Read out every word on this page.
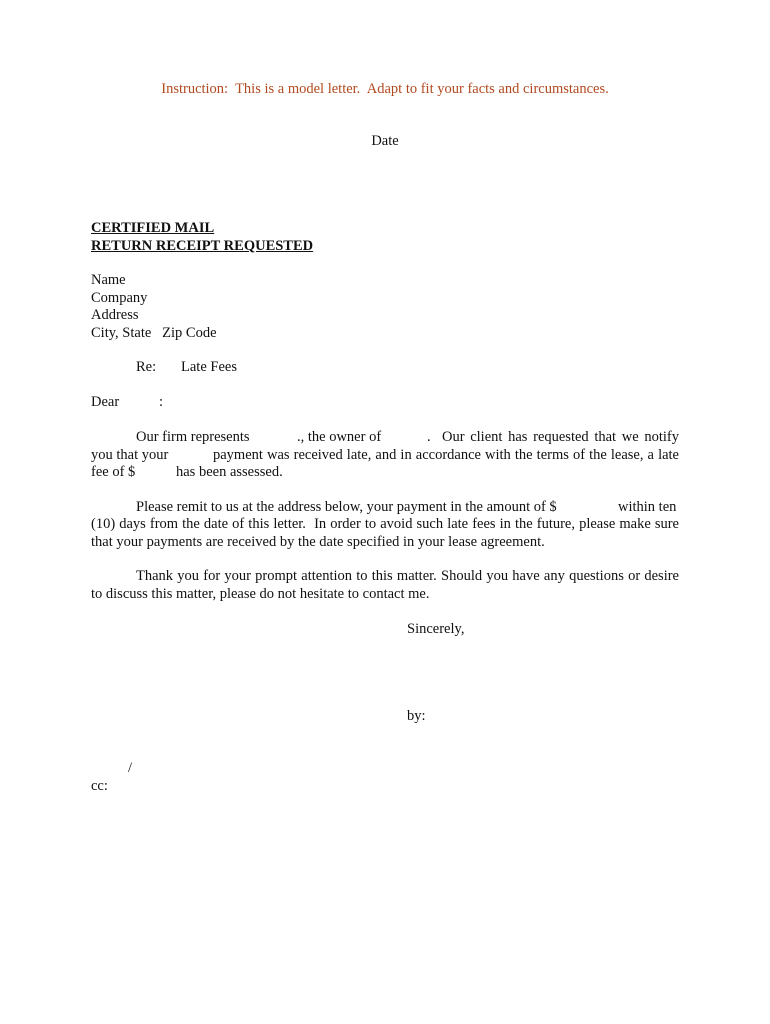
Instruction:  This is a model letter.  Adapt to fit your facts and circumstances.
Date
CERTIFIED MAIL
RETURN RECEIPT REQUESTED
Name
Company
Address
City, State   Zip Code
Re: Late Fees
Dear	:
Our firm represents	., the owner of	.  Our client has requested that we notify
you that your	payment was received late, and in accordance with the terms of the lease, a late
fee of $	has been assessed.
Please remit to us at the address below, your payment in the amount of $	within ten
(10) days from the date of this letter.  In order to avoid such late fees in the future, please make sure
that your payments are received by the date specified in your lease agreement.
Thank you for your prompt attention to this matter. Should you have any questions or desire to discuss this matter, please do not hesitate to contact me.
Sincerely,
by:
/
cc:
